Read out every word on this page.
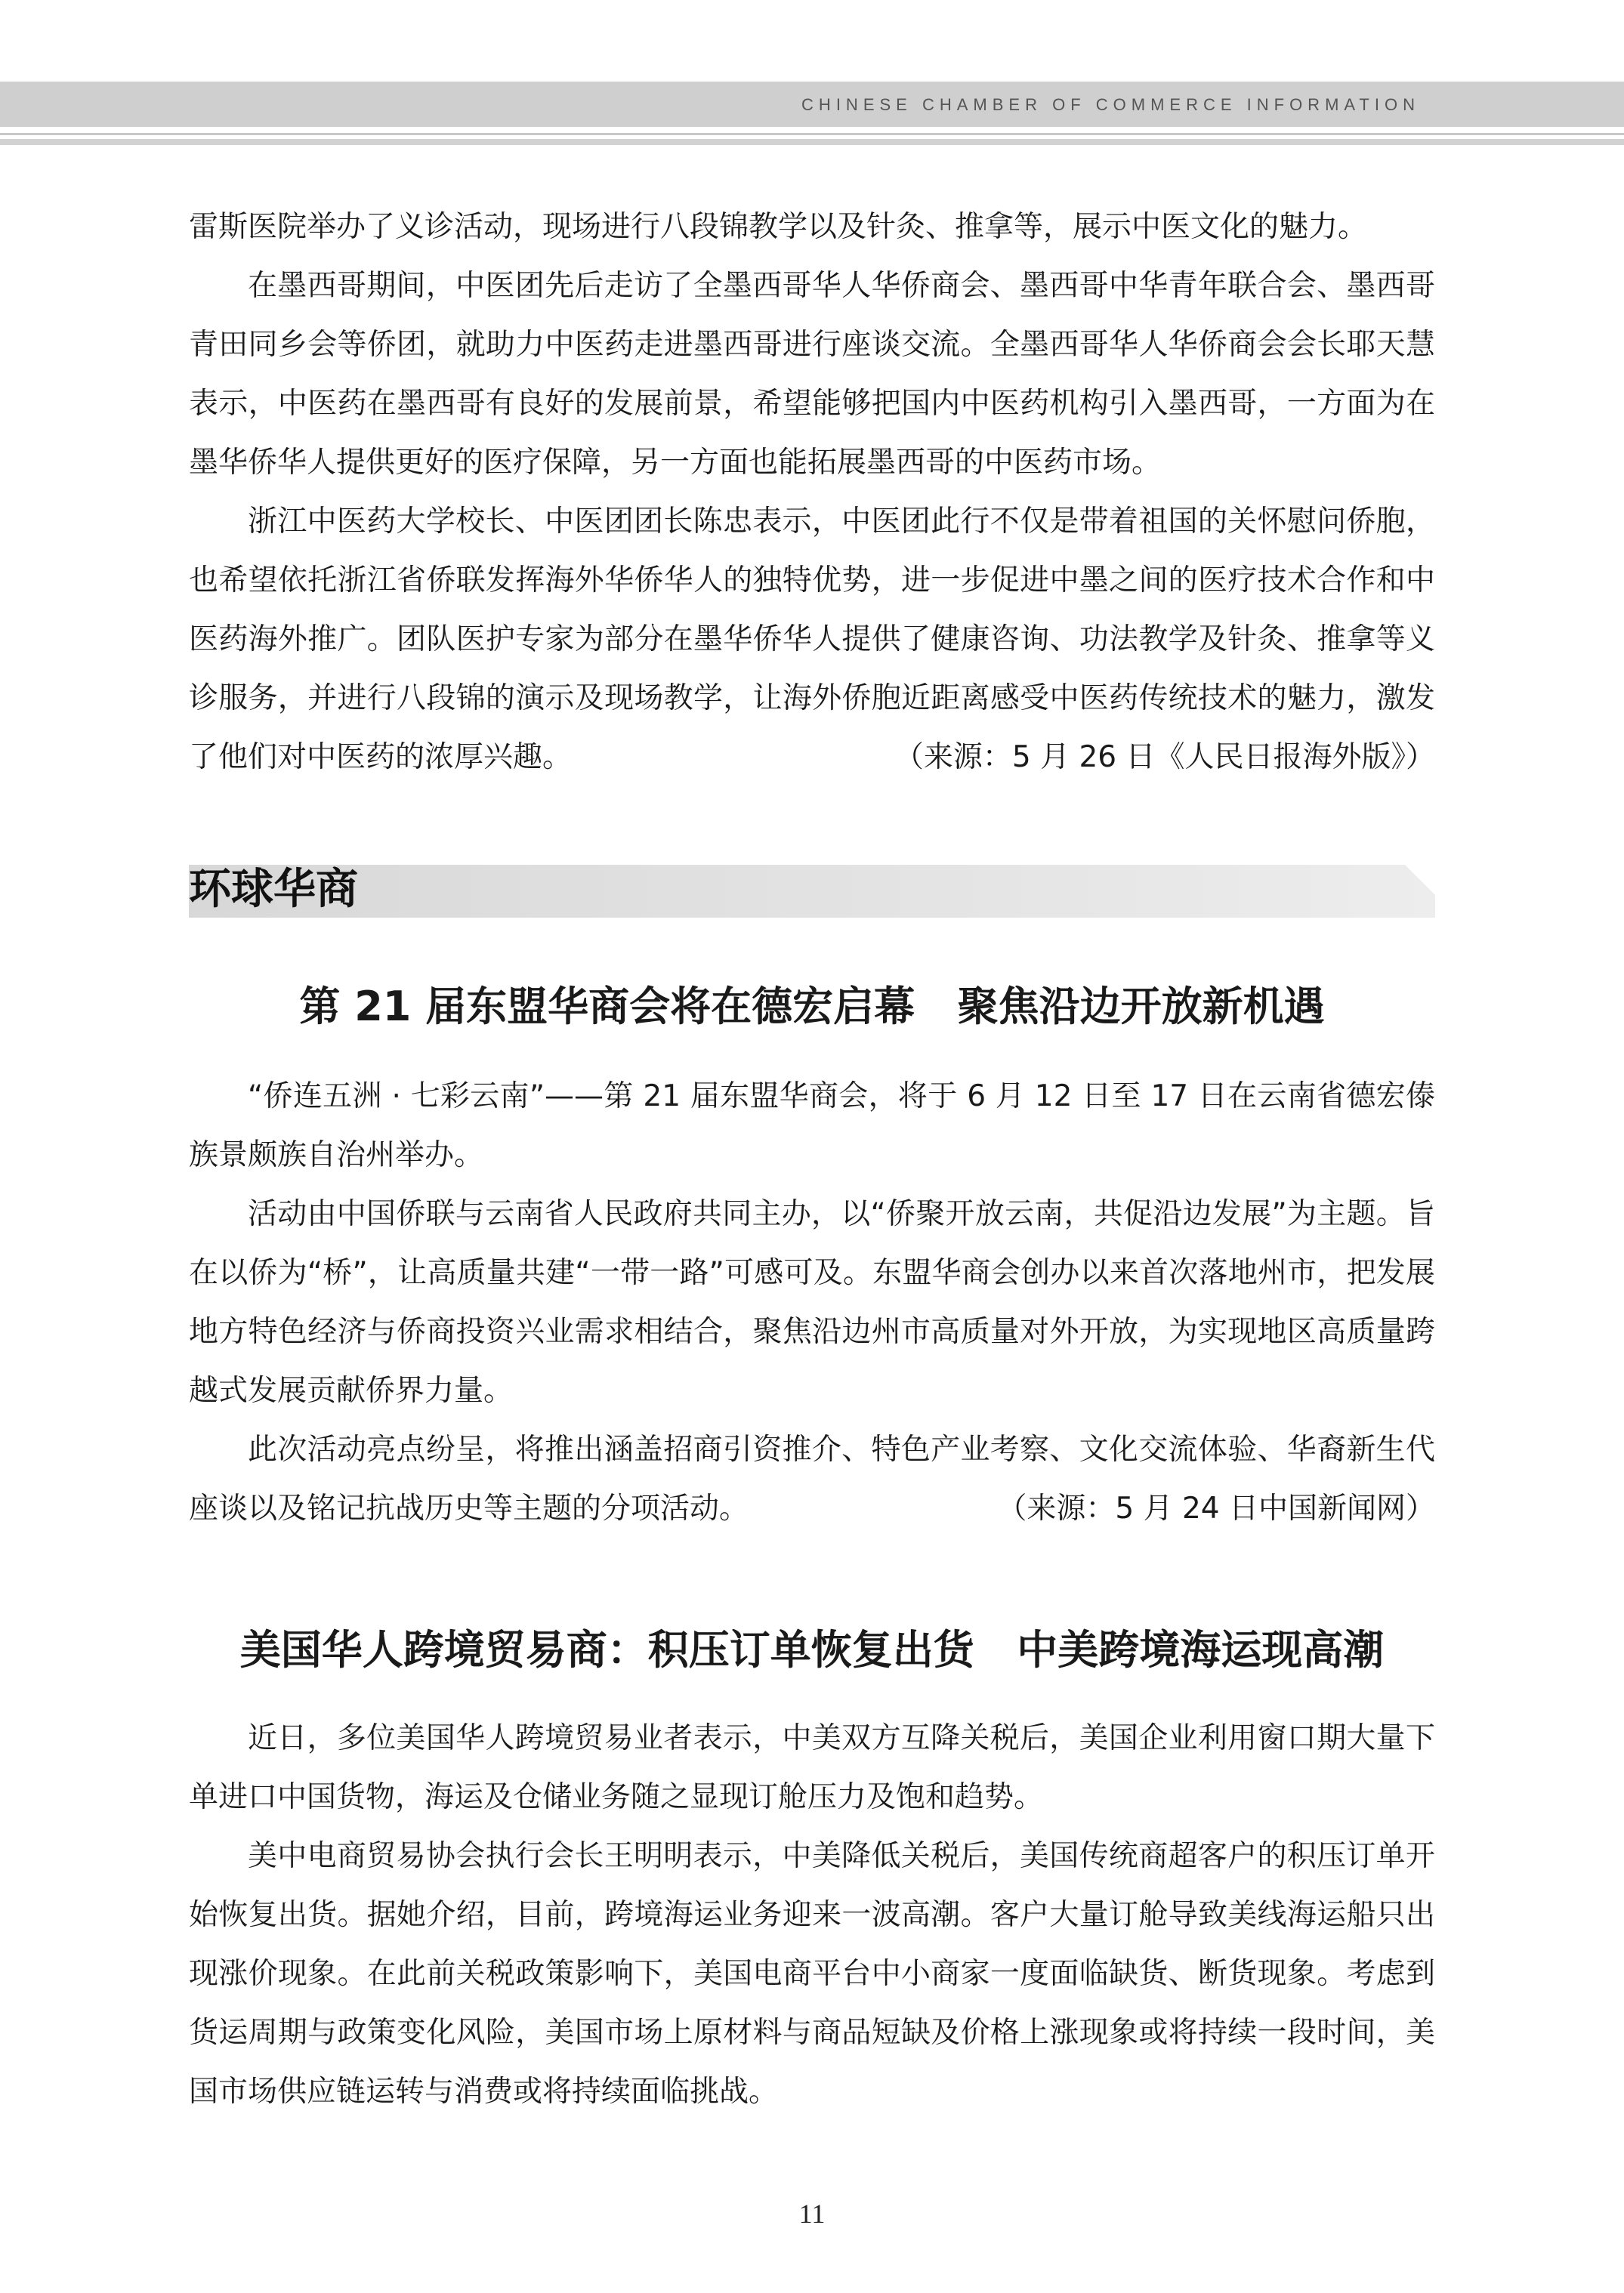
CHINESE CHAMBER OF COMMERCE INFORMATION

雷斯医院举办了义诊活动，现场进行八段锦教学以及针灸、推拿等，展示中医文化的魅力。

在墨西哥期间，中医团先后走访了全墨西哥华人华侨商会、墨西哥中华青年联合会、墨西哥青田同乡会等侨团，就助力中医药走进墨西哥进行座谈交流。全墨西哥华人华侨商会会长耶天慧表示，中医药在墨西哥有良好的发展前景，希望能够把国内中医药机构引入墨西哥，一方面为在墨华侨华人提供更好的医疗保障，另一方面也能拓展墨西哥的中医药市场。

浙江中医药大学校长、中医团团长陈忠表示，中医团此行不仅是带着祖国的关怀慰问侨胞，也希望依托浙江省侨联发挥海外华侨华人的独特优势，进一步促进中墨之间的医疗技术合作和中医药海外推广。团队医护专家为部分在墨华侨华人提供了健康咨询、功法教学及针灸、推拿等义诊服务，并进行八段锦的演示及现场教学，让海外侨胞近距离感受中医药传统技术的魅力，激发了他们对中医药的浓厚兴趣。	（来源：5 月 26 日《人民日报海外版》）

环球华商
第 21 届东盟华商会将在德宏启幕   聚焦沿边开放新机遇

“侨连五洲 · 七彩云南”——第 21 届东盟华商会，将于 6 月 12 日至 17 日在云南省德宏傣族景颇族自治州举办。

活动由中国侨联与云南省人民政府共同主办，以“侨聚开放云南，共促沿边发展”为主题。旨在以侨为“桥”，让高质量共建“一带一路”可感可及。东盟华商会创办以来首次落地州市，把发展地方特色经济与侨商投资兴业需求相结合，聚焦沿边州市高质量对外开放，为实现地区高质量跨越式发展贡献侨界力量。

此次活动亮点纷呈，将推出涵盖招商引资推介、特色产业考察、文化交流体验、华裔新生代座谈以及铭记抗战历史等主题的分项活动。	（来源：5 月 24 日中国新闻网）

美国华人跨境贸易商：积压订单恢复出货   中美跨境海运现高潮

近日，多位美国华人跨境贸易业者表示，中美双方互降关税后，美国企业利用窗口期大量下单进口中国货物，海运及仓储业务随之显现订舱压力及饱和趋势。

美中电商贸易协会执行会长王明明表示，中美降低关税后，美国传统商超客户的积压订单开始恢复出货。据她介绍，目前，跨境海运业务迎来一波高潮。客户大量订舱导致美线海运船只出现涨价现象。在此前关税政策影响下，美国电商平台中小商家一度面临缺货、断货现象。考虑到货运周期与政策变化风险，美国市场上原材料与商品短缺及价格上涨现象或将持续一段时间，美国市场供应链运转与消费或将持续面临挑战。

11
